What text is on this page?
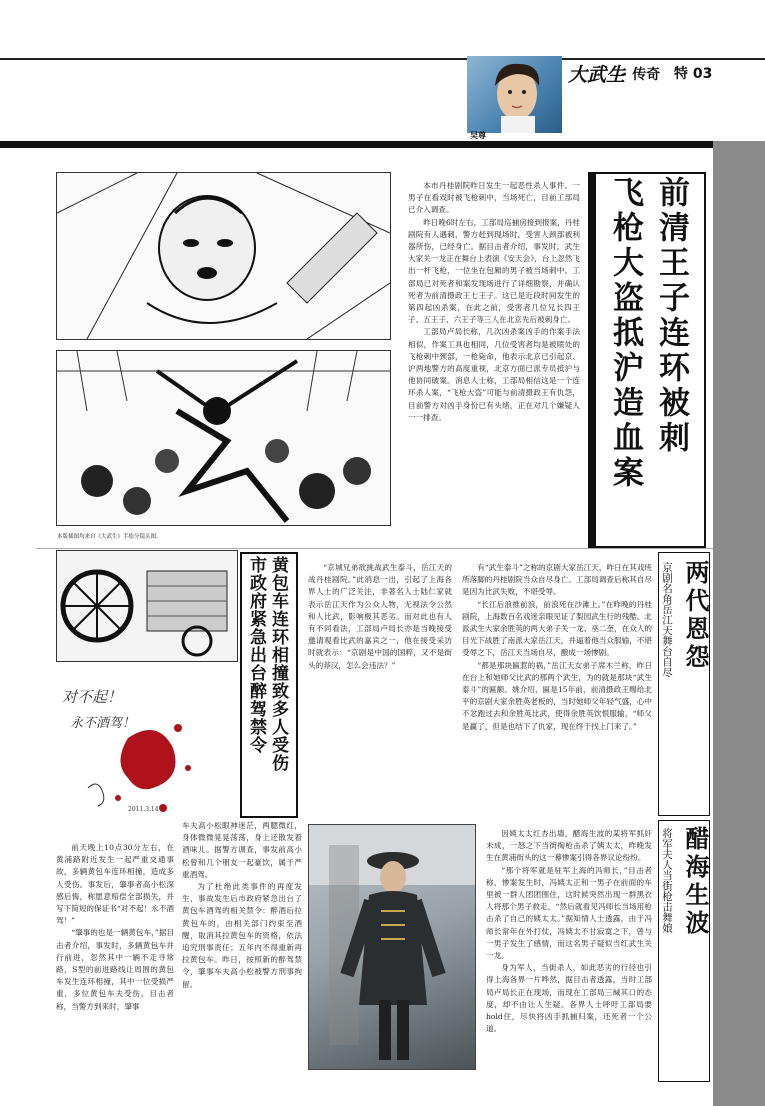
吴尊
大武生
· 传奇 特 03
本版插图均来自《大武生》手绘分镜头图。

本市丹桂剧院昨日发生一起恶性杀人事件。一男子在看戏时被飞枪刺中，当场死亡，目前工部局已介入调查。

昨日晚6时左右，工部局巡捕房接到报案，丹桂剧院有人遇刺，警方赶到现场时，受害人颈部被利器所伤，已经身亡。据目击者介绍，事发时，武生大家关一龙正在舞台上表演《安天会》，台上忽然飞出一杆飞枪，一位坐在包厢的男子被当场刺中。工部局已对死者和案发现场进行了详细勘察，并确认死者为前清摄政王七王子。这已是近段时间发生的第四起凶杀案，在此之前，受害者几位兄长四王子、五王子、六王子等三人在北京先后被刺身亡。

工部局卢局长称，几次凶杀案凶手的作案手法相似，作案工具也相同，几位受害者均是被喷处的飞枪刺中颈部，一枪毙命，他表示北京已引起京、沪两地警方的高度重视，北京方面已派专员抵沪与他协同破案。消息人士称，工部局相信这是一个连环杀人案，“飞枪大盗”可能与前清摄政王有仇怨，目前警方对凶手身份已有头绪，正在对几个嫌疑人一一排查。	前清王子连环被刺
飞枪大盗抵沪造血案
对不起！
永不酒驾！
2011.3.14
黄包车连环相撞致多人受伤
市政府紧急出台醉驾禁令	“京城兄弟欲挑战武生泰斗，岳江天的战丹桂剧院。”此消息一出，引起了上海各界人士的广泛关注，非著名人士陆仁家就表示岳江天作为公众人物，无视法令公然和人比武，影响极其恶劣。而对此也有人有不同看法，工部局卢局长亦是当晚接受邀请观看比武的嘉宾之一，他在接受采访时就表示：“京剧是中国的国粹，又不是街头的莽汉，怎么会违法？”

有“武生泰斗”之称的京剧大家岳江天，昨日在其戏班所落脚的丹桂剧院当众自尽身亡。工部局调查后称其自尽是因为比武失败，不堪受辱。

“长江后浪推前浪，前浪死在沙滩上。”在昨晚的丹桂剧院，上海数百名戏迷亲眼见证了梨园武生行的残酷。北派武生大家余胜英的两大弟子关一龙、巫二奎，在众人的目光下战胜了南派大家岳江天，并逼着他当众服输，不堪受辱之下，岳江天当场自尽，酿成一场惨剧。

“都是那块匾惹的祸，”岳江天女弟子席木兰称，昨日在台上和她师父比武的那两个武生，为的就是那块“武生泰斗”的匾额。姚介绍，匾是15年前，前清摄政王赐给北平的京剧大家余胜英老板的，当时她师父年轻气盛，心中不忿跑过去和余胜英比武，使得余胜英饮恨服输，“师父是赢了，但是也结下了仇家，现在终于找上门来了。”

两代恩怨
京剧名角岳江天舞台自尽

前天晚上10点30分左右，在黄浦路附近发生一起严重交通事故，多辆黄包车连环相撞，造成多人受伤。事发后，肇事者高小松深感后悔，称愿意赔偿全部损失，并写下简短的保证书“对不起！永不酒驾！”

“肇事的也是一辆黄包车，”据目击者介绍，事发时，多辆黄包车并行前进，忽然其中一辆不走寻常路，S型的前进路线让周围的黄包车发生连环相撞，其中一位受损严重，多位黄包车夫受伤。目击者称，当警方到来时，肇事

车夫高小松眼神迷茫，两腮微红，身体微微晃晃荡荡，身上还散发着酒味儿。据警方调查，事发前高小松曾和几个朋友一起豪饮，属于严重酒驾。

为了杜绝此类事件的再度发生，事故发生后市政府紧急出台了黄包车酒驾的相关禁令：醉酒后拉黄包车的，由相关部门约束至酒醒，取消其拉黄包车的资格，依法追究刑事责任；五年内不得重新再拉黄包车。昨日，按照新的醉驾禁令，肇事车夫高小松被警方刑事拘留。

因姨太太红杏出墙，醋海生波的某将军抓奸未成，一怒之下当街掏枪击杀了姨太太，昨晚发生在黄浦街头的这一幕惨案引得各界议论纷纷。

“那个将军就是驻军上海的冯师长，”目击者称，惨案发生时，冯姨太正和一男子在前面的车里被一群人团团围住，这时候突然出现一群黑衣人将那个男子救走，“然后就看见冯师长当场用枪击杀了自己的姨太太。”据知情人士透露，由于冯师长常年在外打仗，冯姨太不甘寂寞之下，曾与一男子发生了感情，而这名男子疑似当红武生关一龙。

身为军人，当街杀人，如此恶劣的行径也引得上海各界一片哗然，据目击者透露，当时工部局卢局长正在现场，而现在工部局三缄其口的态度，却不由让人生疑。各界人士呼吁工部局要hold住，尽快将凶手抓捕归案，还死者一个公道。

醋海生波
将军夫人当街枪击舞娘
